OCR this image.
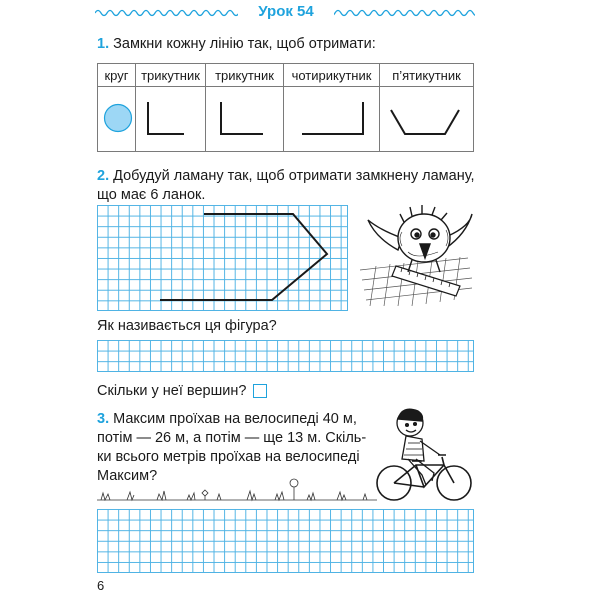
Урок 54
1. Замкни кожну лінію так, щоб отримати:
круг	трикутник	трикутник	чотирикутник	п’ятикутник

2. Добудуй ламану так, щоб отримати замкнену ламану,
що має 6 ланок.
Як називається ця фігура?
Скільки у неї вершин?
3. Максим проїхав на велосипеді 40 м,
потім — 26 м, а потім — ще 13 м. Скіль-
ки всього метрів проїхав на велосипеді
Максим?
6
